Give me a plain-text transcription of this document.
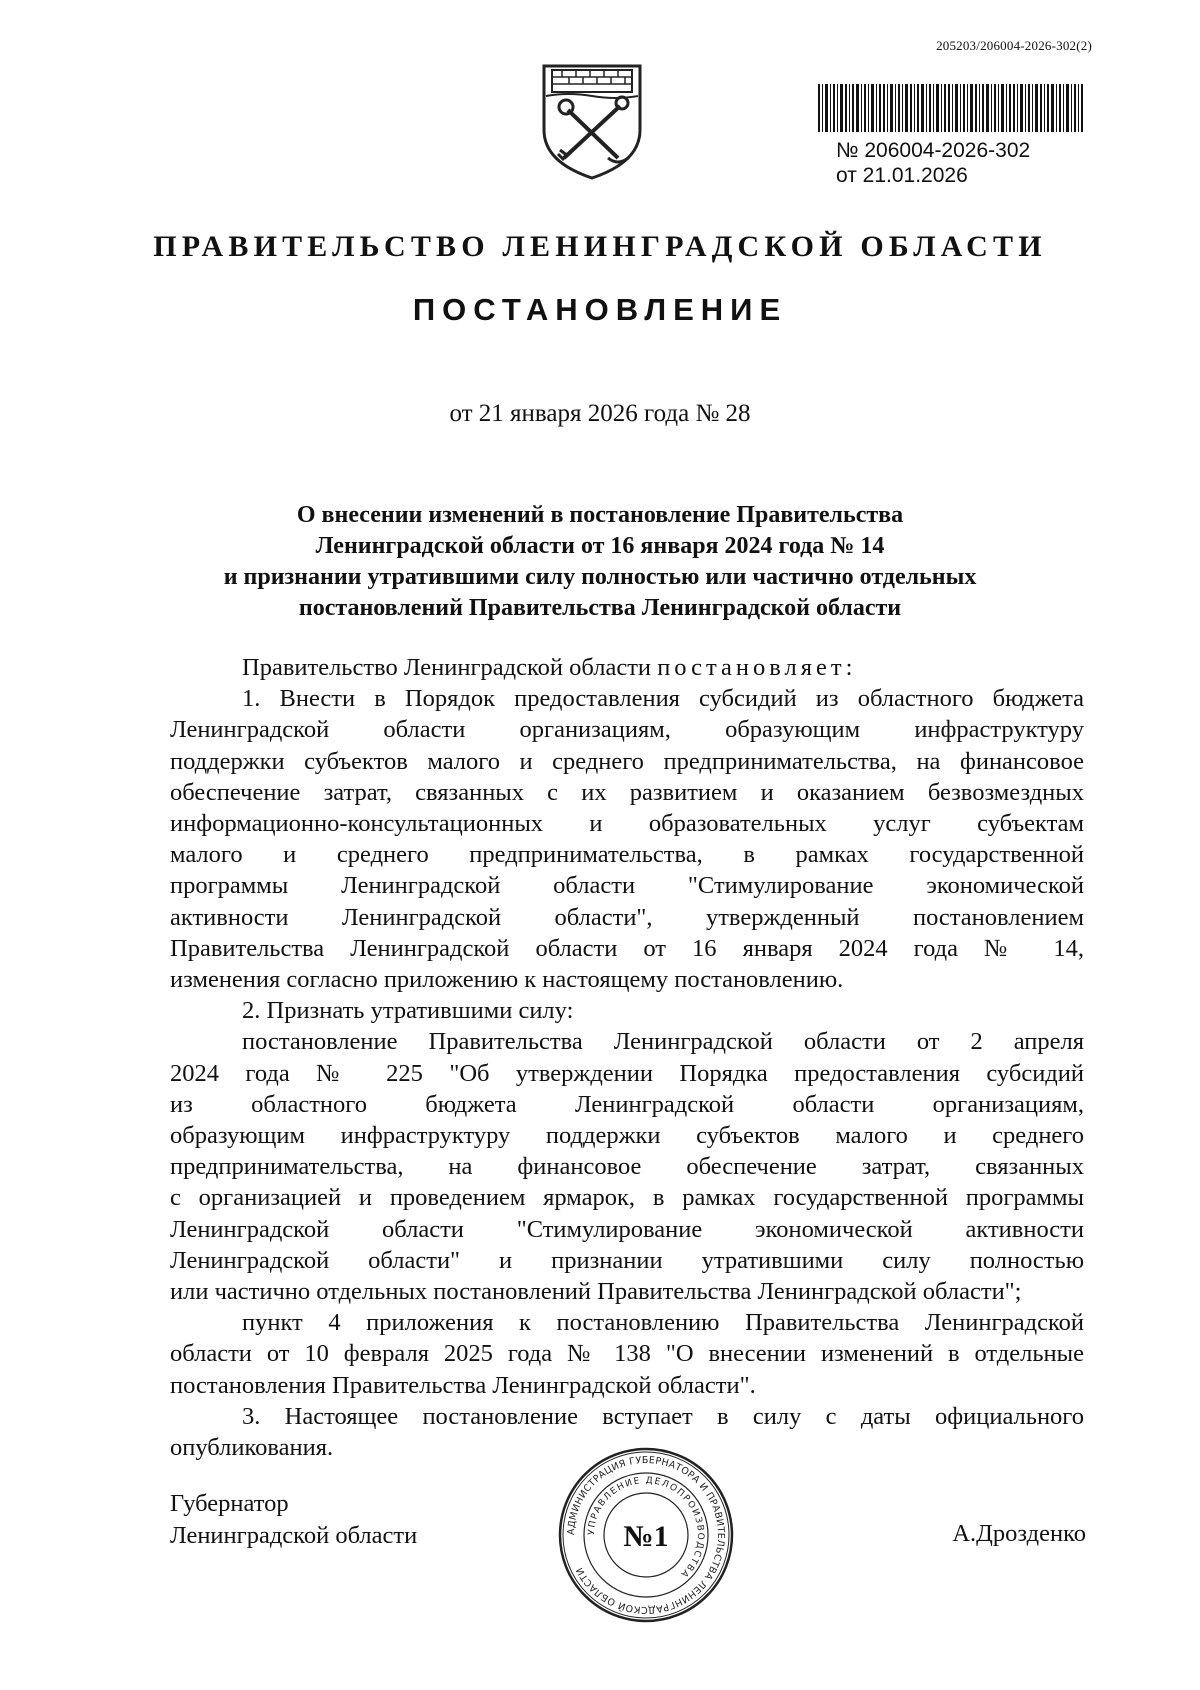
205203/206004-2026-302(2)
№ 206004-2026-302
от 21.01.2026
ПРАВИТЕЛЬСТВО ЛЕНИНГРАДСКОЙ ОБЛАСТИ
ПОСТАНОВЛЕНИЕ
от 21 января 2026 года № 28
О внесении изменений в постановление Правительства
Ленинградской области от 16 января 2024 года № 14
и признании утратившими силу полностью или частично отдельных
постановлений Правительства Ленинградской области
Правительство Ленинградской области постановляет:
1. Внести в Порядок предоставления субсидий из областного бюджета
Ленинградской области организациям, образующим инфраструктуру
поддержки субъектов малого и среднего предпринимательства, на финансовое
обеспечение затрат, связанных с их развитием и оказанием безвозмездных
информационно-консультационных и образовательных услуг субъектам
малого и среднего предпринимательства, в рамках государственной
программы Ленинградской области "Стимулирование экономической
активности Ленинградской области", утвержденный постановлением
Правительства Ленинградской области от 16 января 2024 года № 14,
изменения согласно приложению к настоящему постановлению.
2. Признать утратившими силу:
постановление Правительства Ленинградской области от 2 апреля
2024 года № 225 "Об утверждении Порядка предоставления субсидий
из областного бюджета Ленинградской области организациям,
образующим инфраструктуру поддержки субъектов малого и среднего
предпринимательства, на финансовое обеспечение затрат, связанных
с организацией и проведением ярмарок, в рамках государственной программы
Ленинградской области "Стимулирование экономической активности
Ленинградской области" и признании утратившими силу полностью
или частично отдельных постановлений Правительства Ленинградской области";
пункт 4 приложения к постановлению Правительства Ленинградской
области от 10 февраля 2025 года № 138 "О внесении изменений в отдельные
постановления Правительства Ленинградской области".
3. Настоящее постановление вступает в силу с даты официального
опубликования.
Губернатор
Ленинградской области	АДМИНИСТРАЦИЯ ГУБЕРНАТОРА И ПРАВИТЕЛЬСТВА ЛЕНИНГРАДСКОЙ ОБЛАСТИ
УПРАВЛЕНИЕ ДЕЛОПРОИЗВОДСТВА
№1	А.Дрозденко
